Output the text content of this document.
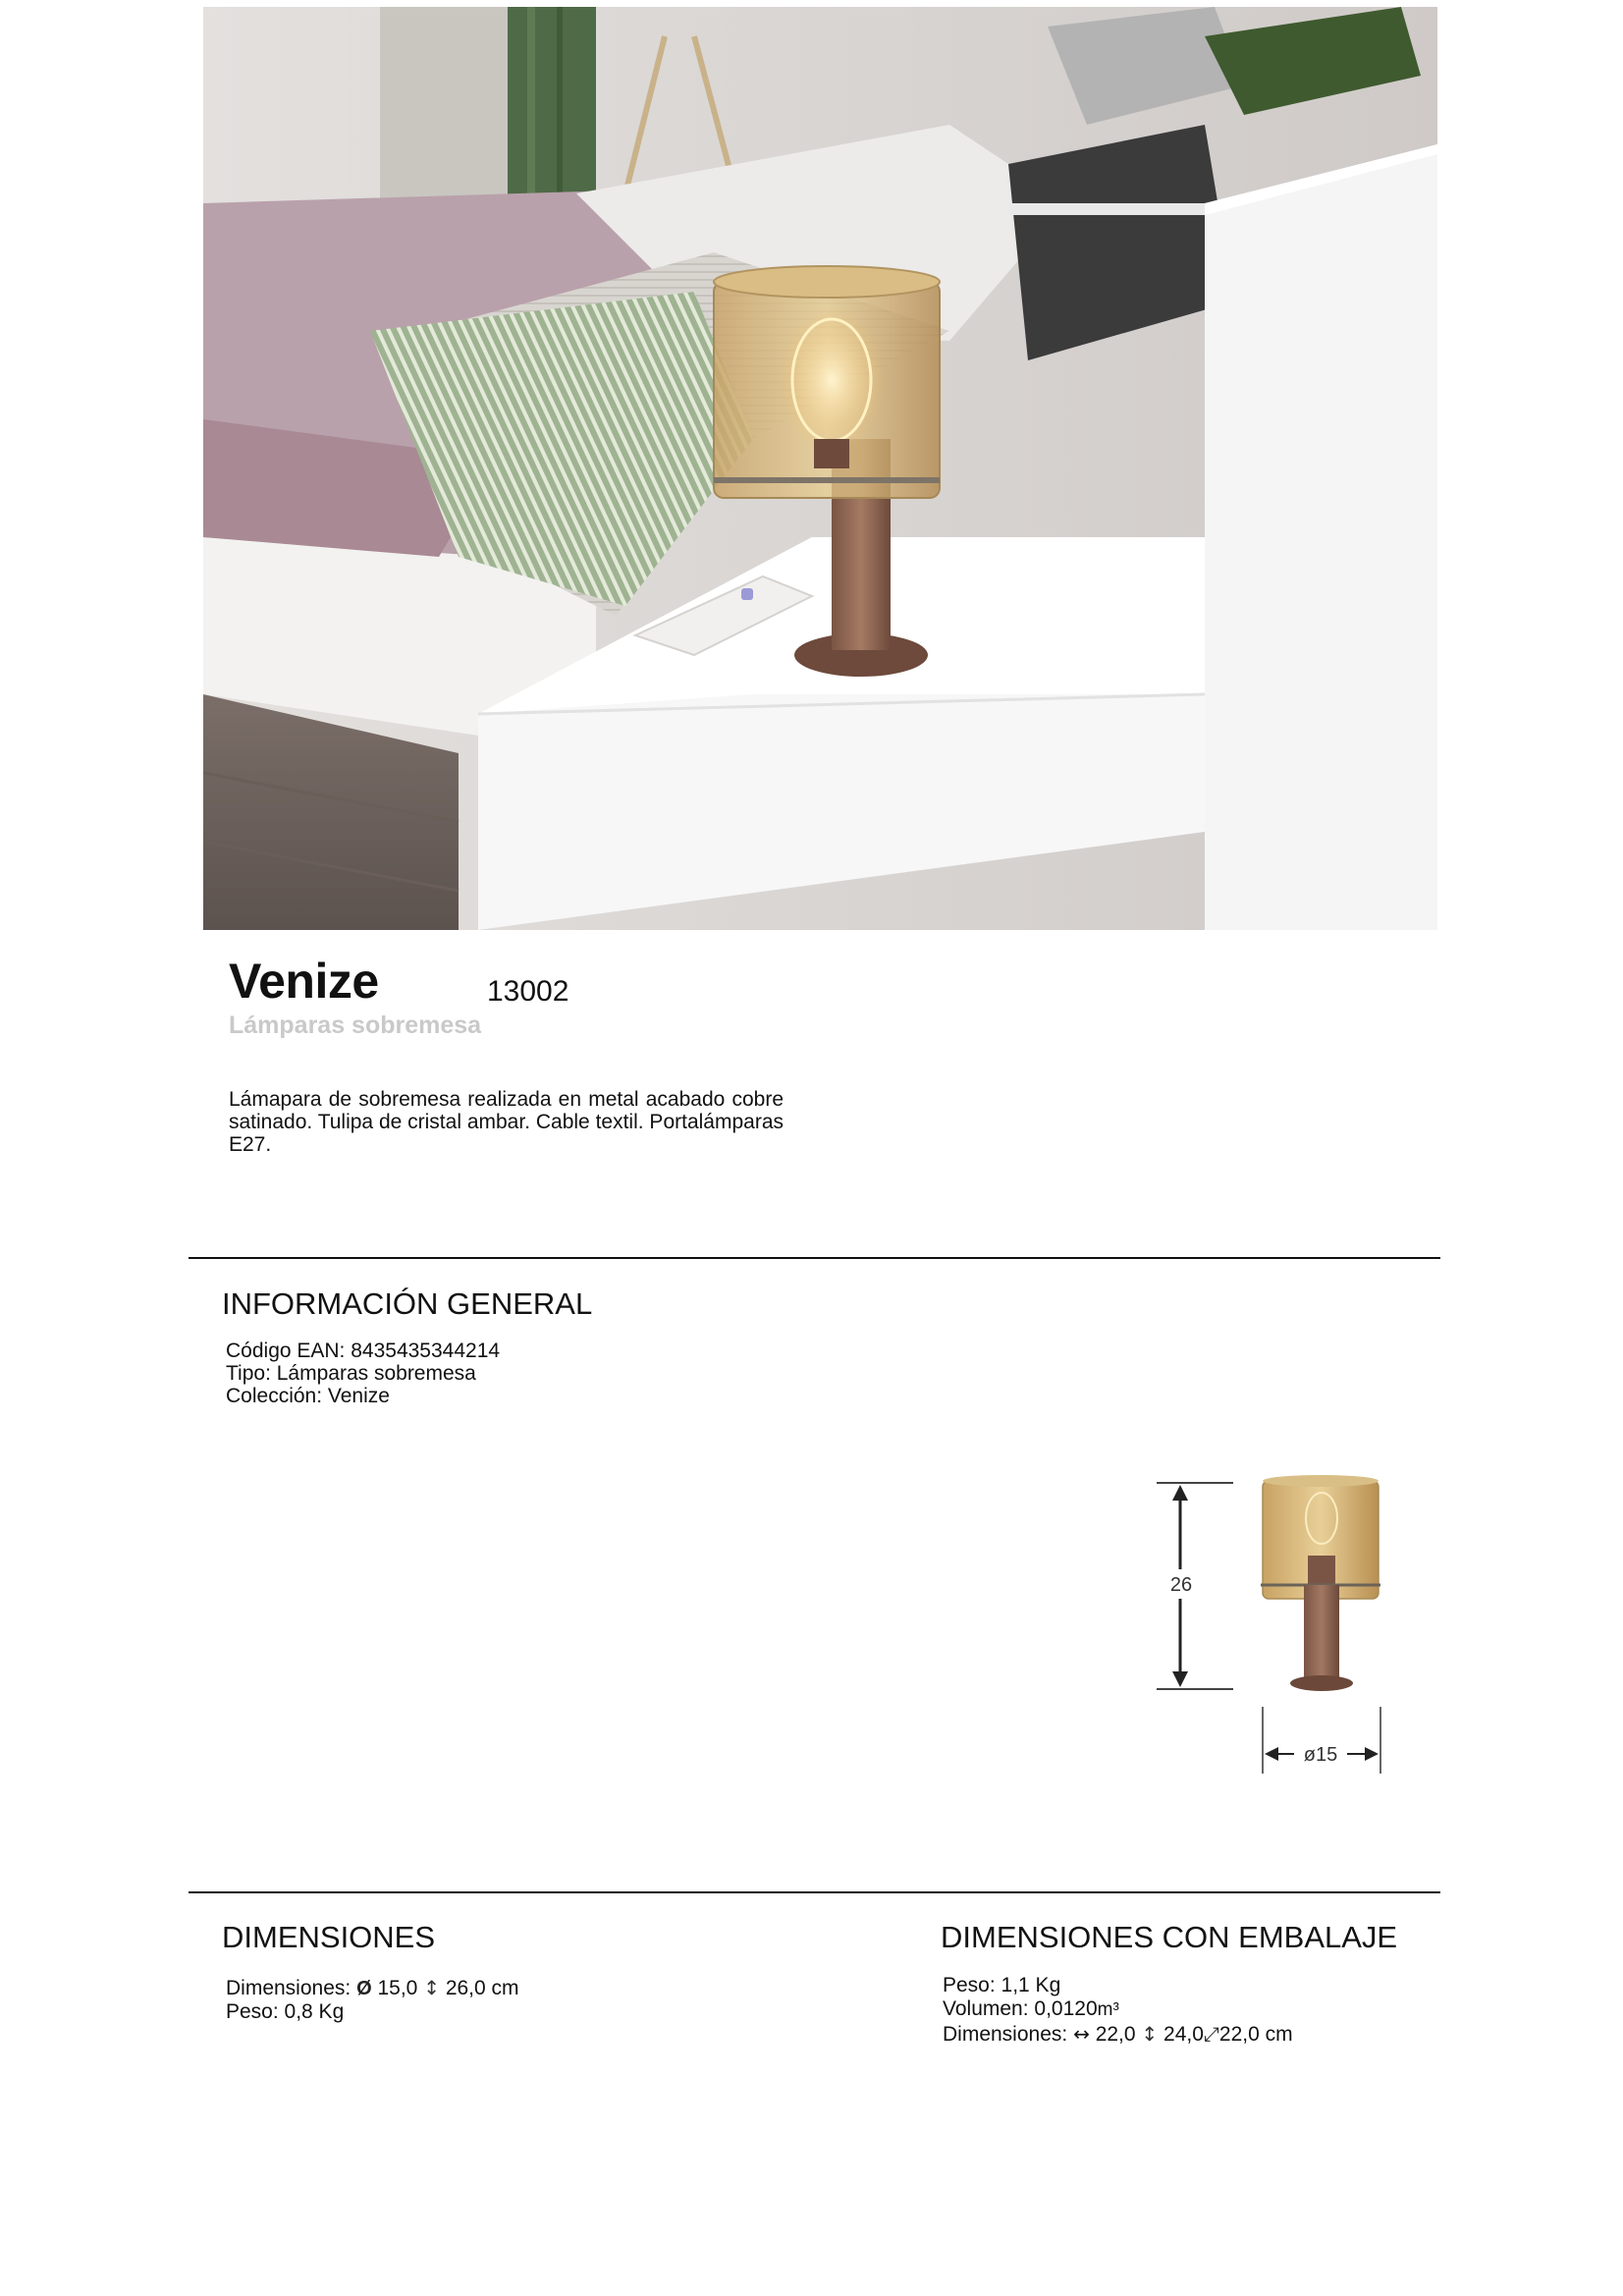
Venize	13002
Lámparas sobremesa
Lámapara de sobremesa realizada en metal acabado cobre satinado. Tulipa de cristal ambar. Cable textil. Portalámparas E27.
INFORMACIÓN GENERAL
Código EAN: 8435435344214
Tipo: Lámparas sobremesa
Colección: Venize
26
ø15
DIMENSIONES
Dimensiones: Ø 15,0 ↕ 26,0 cm
Peso: 0,8 Kg
DIMENSIONES CON EMBALAJE
Peso: 1,1 Kg
Volumen: 0,0120m³
Dimensiones: ↔ 22,0 ↕ 24,0⤢22,0 cm
